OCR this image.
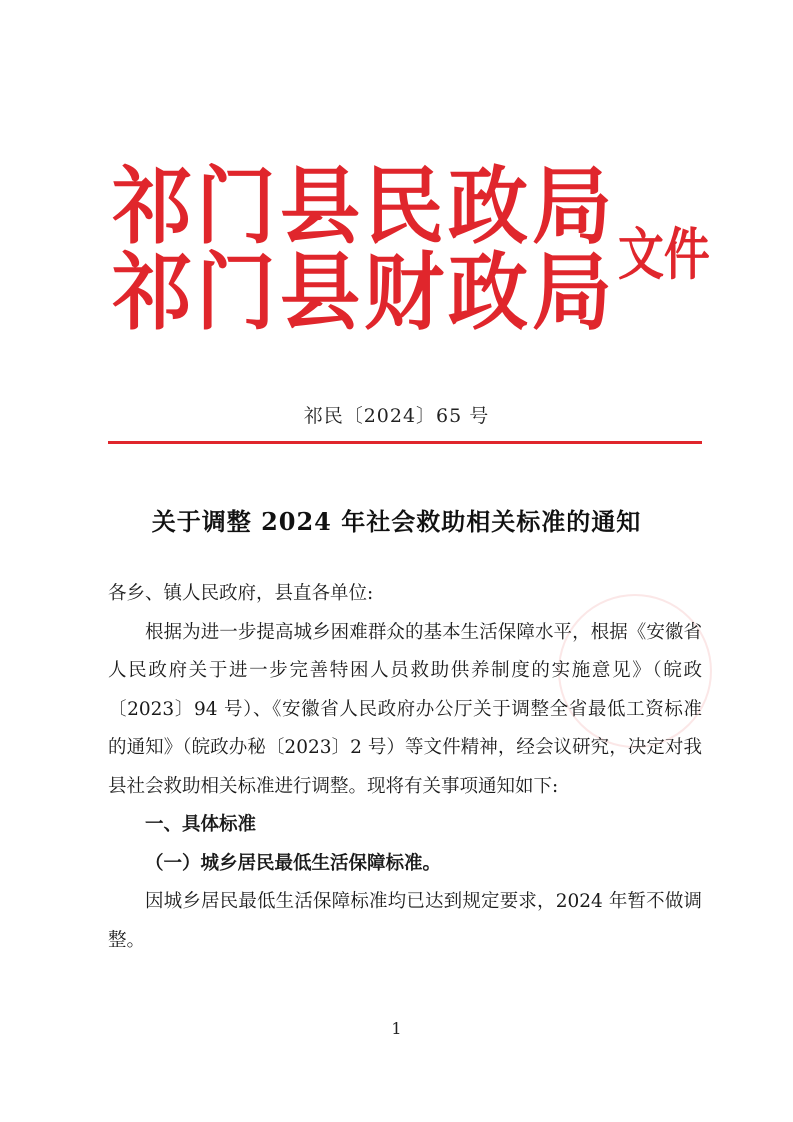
祁门县民政局
祁门县财政局 文件
祁民〔2024〕65 号
关于调整 2024 年社会救助相关标准的通知

各乡、镇人民政府，县直各单位:

根据为进一步提高城乡困难群众的基本生活保障水平，根据《安徽省人民政府关于进一步完善特困人员救助供养制度的实施意见》（皖政〔2023〕94 号）、《安徽省人民政府办公厅关于调整全省最低工资标准的通知》（皖政办秘〔2023〕2 号）等文件精神，经会议研究，决定对我县社会救助相关标准进行调整。现将有关事项通知如下:

一、具体标准

（一）城乡居民最低生活保障标准。

因城乡居民最低生活保障标准均已达到规定要求，2024 年暂不做调整。

1
